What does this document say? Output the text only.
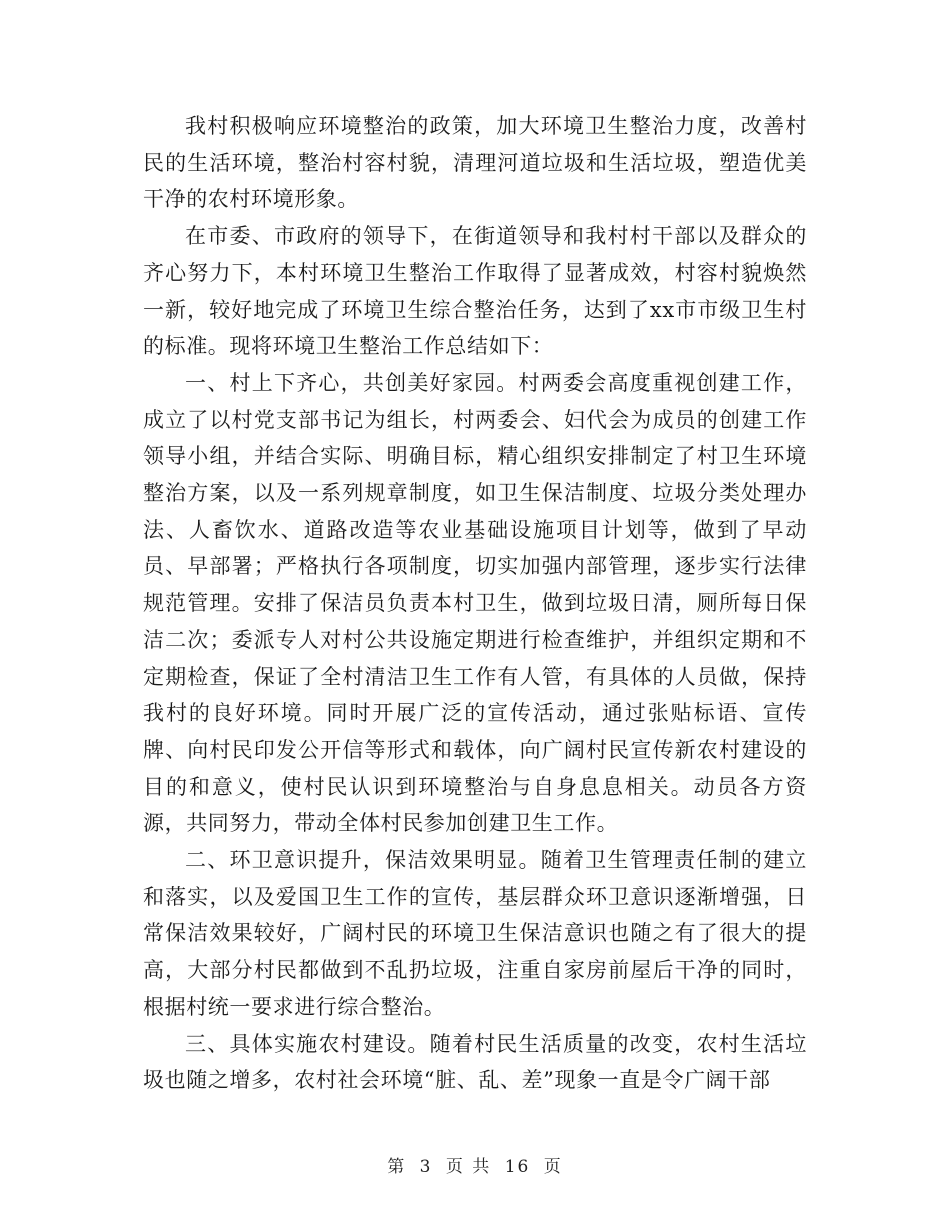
我村积极响应环境整治的政策，加大环境卫生整治力度，改善村民的生活环境，整治村容村貌，清理河道垃圾和生活垃圾，塑造优美干净的农村环境形象。

在市委、市政府的领导下，在街道领导和我村村干部以及群众的齐心努力下，本村环境卫生整治工作取得了显著成效，村容村貌焕然一新，较好地完成了环境卫生综合整治任务，达到了xx市市级卫生村的标准。现将环境卫生整治工作总结如下：

一、村上下齐心，共创美好家园。村两委会高度重视创建工作，成立了以村党支部书记为组长，村两委会、妇代会为成员的创建工作领导小组，并结合实际、明确目标，精心组织安排制定了村卫生环境整治方案，以及一系列规章制度，如卫生保洁制度、垃圾分类处理办法、人畜饮水、道路改造等农业基础设施项目计划等，做到了早动员、早部署；严格执行各项制度，切实加强内部管理，逐步实行法律规范管理。安排了保洁员负责本村卫生，做到垃圾日清，厕所每日保洁二次；委派专人对村公共设施定期进行检查维护，并组织定期和不定期检查，保证了全村清洁卫生工作有人管，有具体的人员做，保持我村的良好环境。同时开展广泛的宣传活动，通过张贴标语、宣传牌、向村民印发公开信等形式和载体，向广阔村民宣传新农村建设的目的和意义，使村民认识到环境整治与自身息息相关。动员各方资源，共同努力，带动全体村民参加创建卫生工作。

二、环卫意识提升，保洁效果明显。随着卫生管理责任制的建立和落实，以及爱国卫生工作的宣传，基层群众环卫意识逐渐增强，日常保洁效果较好，广阔村民的环境卫生保洁意识也随之有了很大的提高，大部分村民都做到不乱扔垃圾，注重自家房前屋后干净的同时，根据村统一要求进行综合整治。

三、具体实施农村建设。随着村民生活质量的改变，农村生活垃圾也随之增多，农村社会环境“脏、乱、差”现象一直是令广阔干部

第 3 页 共 16 页
